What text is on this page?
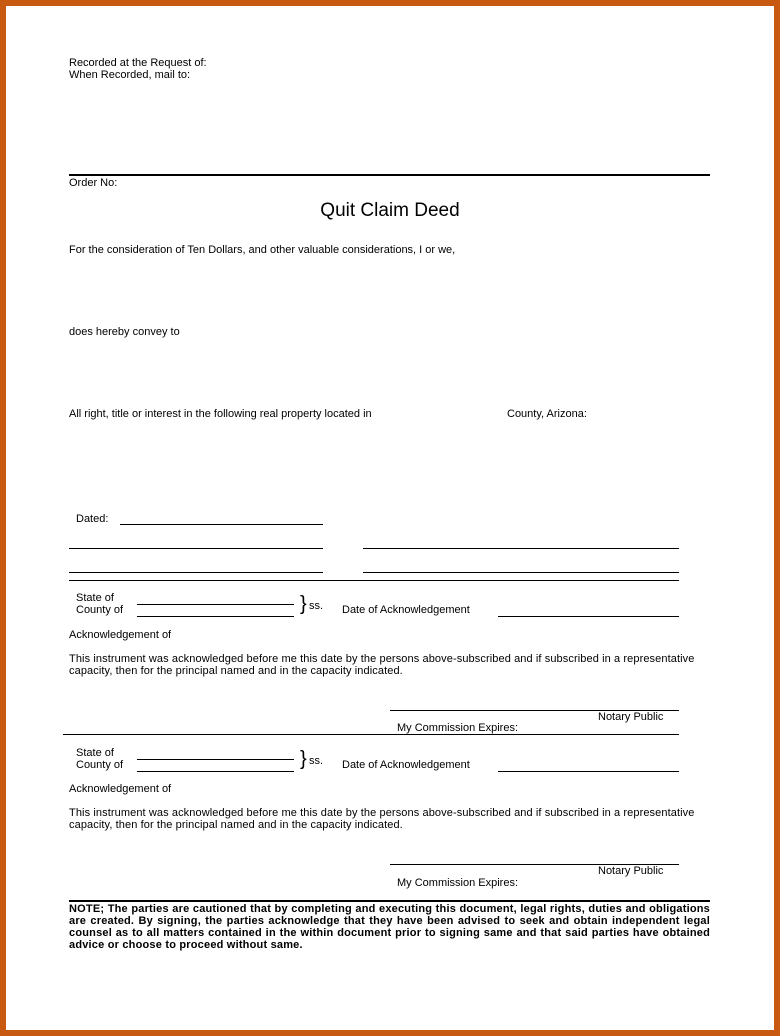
Recorded at the Request of:
When Recorded, mail to:
Order No:
Quit Claim Deed
For the consideration of Ten Dollars, and other valuable considerations, I or we,
does hereby convey to
All right, title or interest in the following real property located in	County, Arizona:
Dated:
State of
County of	} ss. Date of Acknowledgement
Acknowledgement of
This instrument was acknowledged before me this date by the persons above-subscribed and if subscribed in a representative capacity, then for the principal named and in the capacity indicated.
Notary Public
My Commission Expires:
State of
County of	} ss. Date of Acknowledgement
Acknowledgement of
This instrument was acknowledged before me this date by the persons above-subscribed and if subscribed in a representative capacity, then for the principal named and in the capacity indicated.
Notary Public
My Commission Expires:
NOTE; The parties are cautioned that by completing and executing this document, legal rights, duties and obligations are created. By signing, the parties acknowledge that they have been advised to seek and obtain independent legal counsel as to all matters contained in the within document prior to signing same and that said parties have obtained advice or choose to proceed without same.
